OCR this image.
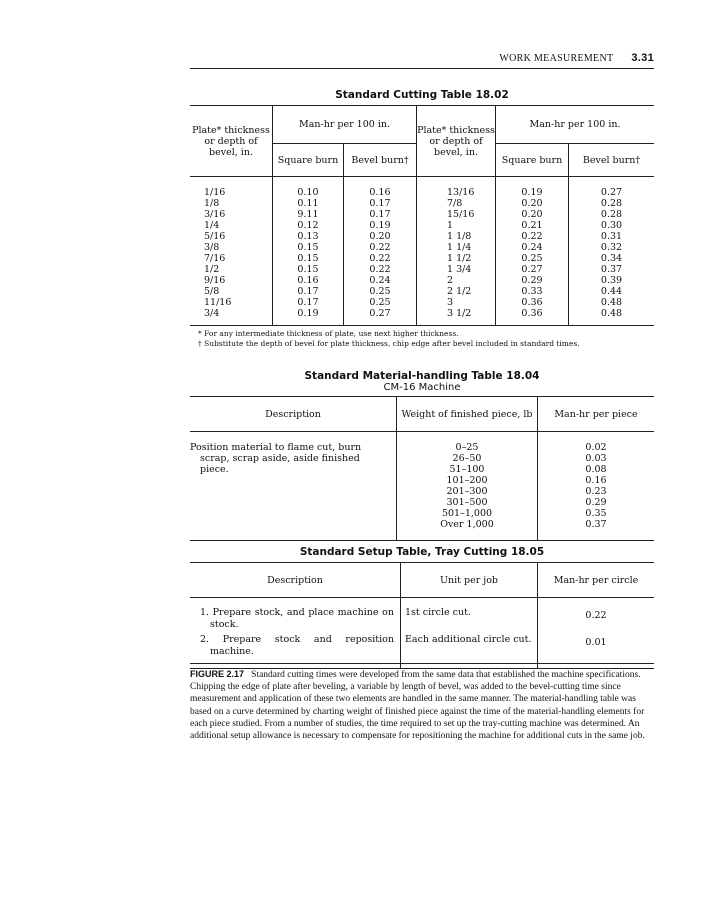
WORK MEASUREMENT 3.31
Standard Cutting Table 18.02
Plate* thickness or depth of bevel, in.	Man-hr per 100 in.		Plate* thickness or depth of bevel, in.	Man-hr per 100 in.	
	Square burn	Bevel burn†		Square burn	Bevel burn†

1/16	0.10	0.16	13/16	0.19	0.27
1/8	0.11	0.17	7/8	0.20	0.28
3/16	9.11	0.17	15/16	0.20	0.28
1/4	0.12	0.19	1	0.21	0.30
5/16	0.13	0.20	1 1/8	0.22	0.31
3/8	0.15	0.22	1 1/4	0.24	0.32
7/16	0.15	0.22	1 1/2	0.25	0.34
1/2	0.15	0.22	1 3/4	0.27	0.37
9/16	0.16	0.24	2	0.29	0.39
5/8	0.17	0.25	2 1/2	0.33	0.44
11/16	0.17	0.25	3	0.36	0.48
3/4	0.19	0.27	3 1/2	0.36	0.48

* For any intermediate thickness of plate, use next higher thickness.
† Substitute the depth of bevel for plate thickness, chip edge after bevel included in standard times.
Standard Material-handling Table 18.04
CM-16 Machine
Description	Weight of finished piece, lb	Man-hr per piece

Position material to flame cut, burn scrap, scrap aside, aside finished piece.	0–25	0.02
	26–50	0.03
	51–100	0.08
	101–200	0.16
	201–300	0.23
	301–500	0.29
	501–1,000	0.35
	Over 1,000	0.37

Standard Setup Table, Tray Cutting 18.05
Description	Unit per job	Man-hr per circle

1. Prepare stock, and place machine on stock.	1st circle cut.	0.22
2. Prepare stock and reposition machine.	Each additional circle cut.	0.01

FIGURE 2.17 Standard cutting times were developed from the same data that established the machine specifications. Chipping the edge of plate after beveling, a variable by length of bevel, was added to the bevel-cutting time since measurement and application of these two elements are handled in the same manner. The material-handling table was based on a curve determined by charting weight of finished piece against the time of the material-handling elements for each piece studied. From a number of studies, the time required to set up the tray-cutting machine was determined. An additional setup allowance is necessary to compensate for repositioning the machine for additional cuts in the same job.
